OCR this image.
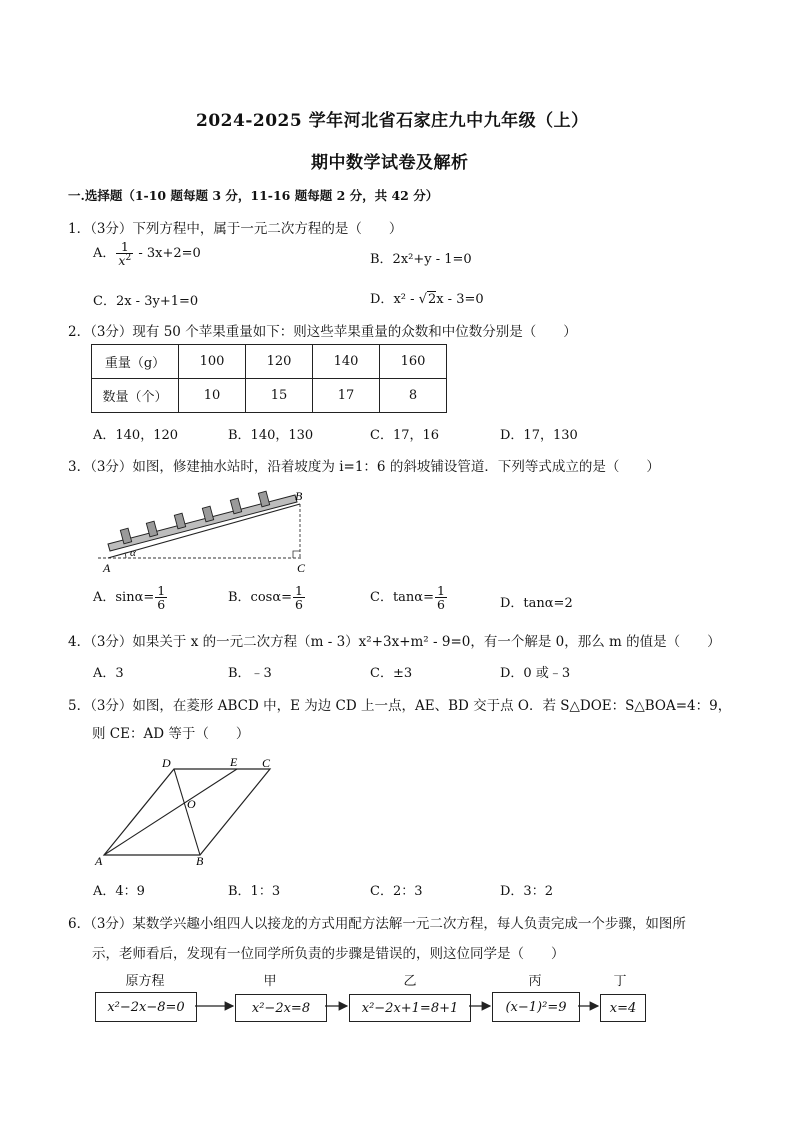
2024-2025 学年河北省石家庄九中九年级（上）
期中数学试卷及解析
一.选择题（1-10 题每题 3 分，11-16 题每题 2 分，共 42 分）
1．（3分）下列方程中，属于一元二次方程的是（　　）
A． $\frac{1}{x^2} - 3x+2=0$	B．2x²+y - 1=0
C．2x - 3y+1=0	D．x² - √2x - 3=0
2．（3分）现有 50 个苹果重量如下：则这些苹果重量的众数和中位数分别是（　　）
重量（g）	100	120	140	160
数量（个）	10	15	17	8
A．140，120	B．140，130	C．17，16	D．17，130
3．（3分）如图，修建抽水站时，沿着坡度为 i=1：6 的斜坡铺设管道．下列等式成立的是（　　）
A
B
C
α
A．$\sin\alpha= \frac{1}{6}$	B．$\cos\alpha= \frac{1}{6}$	C．$\tan\alpha= \frac{1}{6}$	D．tanα=2
4．（3分）如果关于 x 的一元二次方程（m - 3）x²+3x+m² - 9=0，有一个解是 0，那么 m 的值是（　　）
A．3	B．﹣3	C．±3	D．0 或﹣3
5．（3分）如图，在菱形 ABCD 中，E 为边 CD 上一点，AE、BD 交于点 O．若 S△DOE：S△BOA=4：9，
则 CE：AD 等于（　　）
A	B
C
D	E
O
A．4：9	B．1：3	C．2：3	D．3：2
6．（3分）某数学兴趣小组四人以接龙的方式用配方法解一元二次方程，每人负责完成一个步骤，如图所
示，老师看后，发现有一位同学所负责的步骤是错误的，则这位同学是（　　）
原方程	甲	乙	丙	丁
x²−2x−8=0	x²−2x=8	x²−2x+1=8+1	(x−1)²=9	x=4
